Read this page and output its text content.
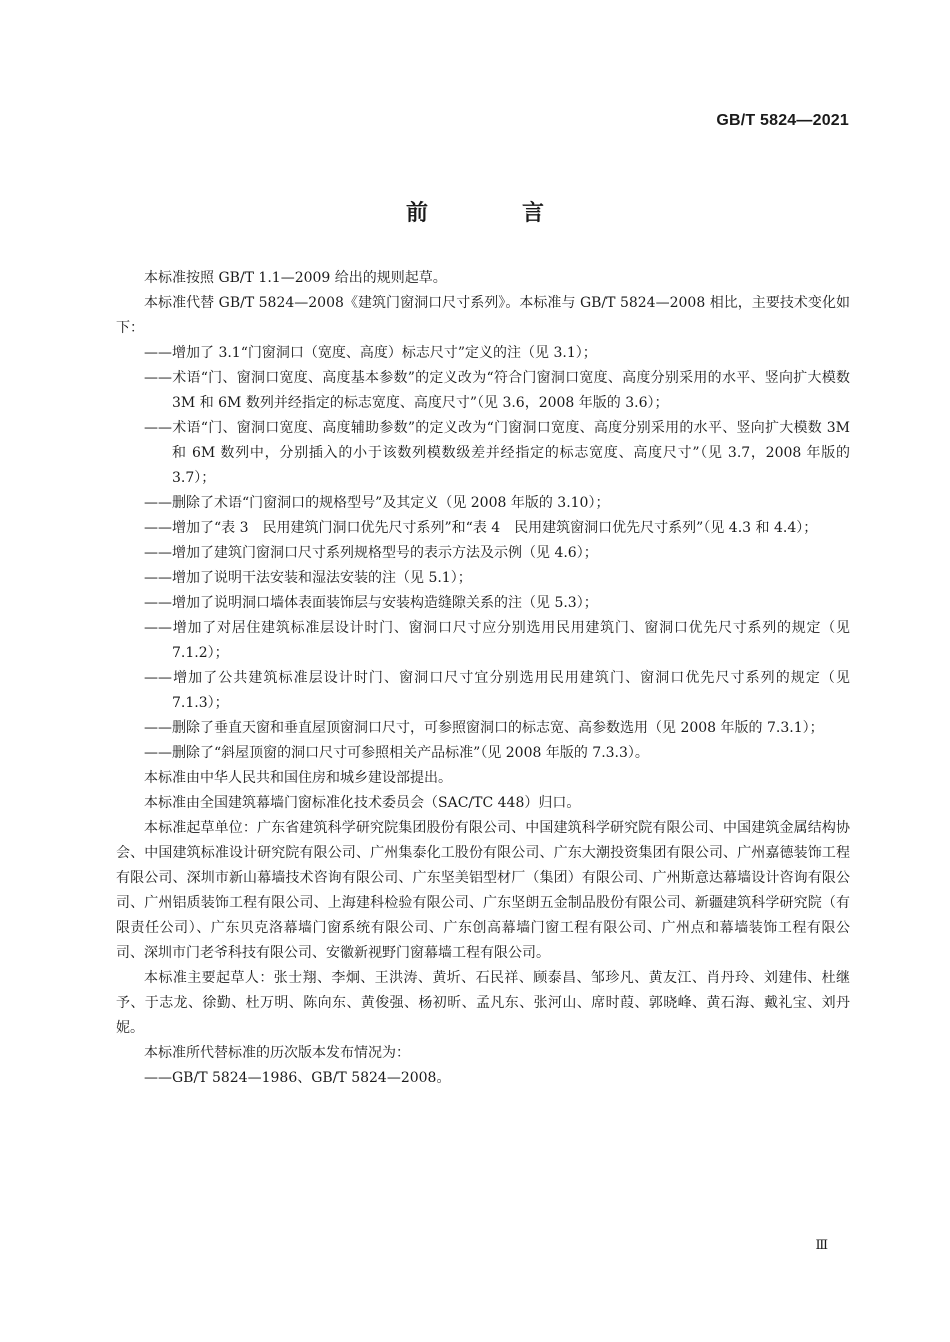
GB/T 5824—2021
前　言

本标准按照 GB/T 1.1—2009 给出的规则起草。

本标准代替 GB/T 5824—2008《建筑门窗洞口尺寸系列》。本标准与 GB/T 5824—2008 相比，主要技术变化如下：

——增加了 3.1“门窗洞口（宽度、高度）标志尺寸”定义的注（见 3.1）；

——术语“门、窗洞口宽度、高度基本参数”的定义改为“符合门窗洞口宽度、高度分别采用的水平、竖向扩大模数 3M 和 6M 数列并经指定的标志宽度、高度尺寸”（见 3.6，2008 年版的 3.6）；

——术语“门、窗洞口宽度、高度辅助参数”的定义改为“门窗洞口宽度、高度分别采用的水平、竖向扩大模数 3M 和 6M 数列中，分别插入的小于该数列模数级差并经指定的标志宽度、高度尺寸”（见 3.7，2008 年版的 3.7）；

——删除了术语“门窗洞口的规格型号”及其定义（见 2008 年版的 3.10）；

——增加了“表 3　民用建筑门洞口优先尺寸系列”和“表 4　民用建筑窗洞口优先尺寸系列”（见 4.3 和 4.4）；

——增加了建筑门窗洞口尺寸系列规格型号的表示方法及示例（见 4.6）；

——增加了说明干法安装和湿法安装的注（见 5.1）；

——增加了说明洞口墙体表面装饰层与安装构造缝隙关系的注（见 5.3）；

——增加了对居住建筑标准层设计时门、窗洞口尺寸应分别选用民用建筑门、窗洞口优先尺寸系列的规定（见 7.1.2）；

——增加了公共建筑标准层设计时门、窗洞口尺寸宜分别选用民用建筑门、窗洞口优先尺寸系列的规定（见 7.1.3）；

——删除了垂直天窗和垂直屋顶窗洞口尺寸，可参照窗洞口的标志宽、高参数选用（见 2008 年版的 7.3.1）；

——删除了“斜屋顶窗的洞口尺寸可参照相关产品标准”（见 2008 年版的 7.3.3）。

本标准由中华人民共和国住房和城乡建设部提出。

本标准由全国建筑幕墙门窗标准化技术委员会（SAC/TC 448）归口。

本标准起草单位：广东省建筑科学研究院集团股份有限公司、中国建筑科学研究院有限公司、中国建筑金属结构协会、中国建筑标准设计研究院有限公司、广州集泰化工股份有限公司、广东大潮投资集团有限公司、广州嘉德装饰工程有限公司、深圳市新山幕墙技术咨询有限公司、广东坚美铝型材厂（集团）有限公司、广州斯意达幕墙设计咨询有限公司、广州铝质装饰工程有限公司、上海建科检验有限公司、广东坚朗五金制品股份有限公司、新疆建筑科学研究院（有限责任公司）、广东贝克洛幕墙门窗系统有限公司、广东创高幕墙门窗工程有限公司、广州点和幕墙装饰工程有限公司、深圳市门老爷科技有限公司、安徽新视野门窗幕墙工程有限公司。

本标准主要起草人：张士翔、李炯、王洪涛、黄圻、石民祥、顾泰昌、邹珍凡、黄友江、肖丹玲、刘建伟、杜继予、于志龙、徐勤、杜万明、陈向东、黄俊强、杨初昕、孟凡东、张河山、席时葭、郭晓峰、黄石海、戴礼宝、刘丹妮。

本标准所代替标准的历次版本发布情况为：

——GB/T 5824—1986、GB/T 5824—2008。

Ⅲ
